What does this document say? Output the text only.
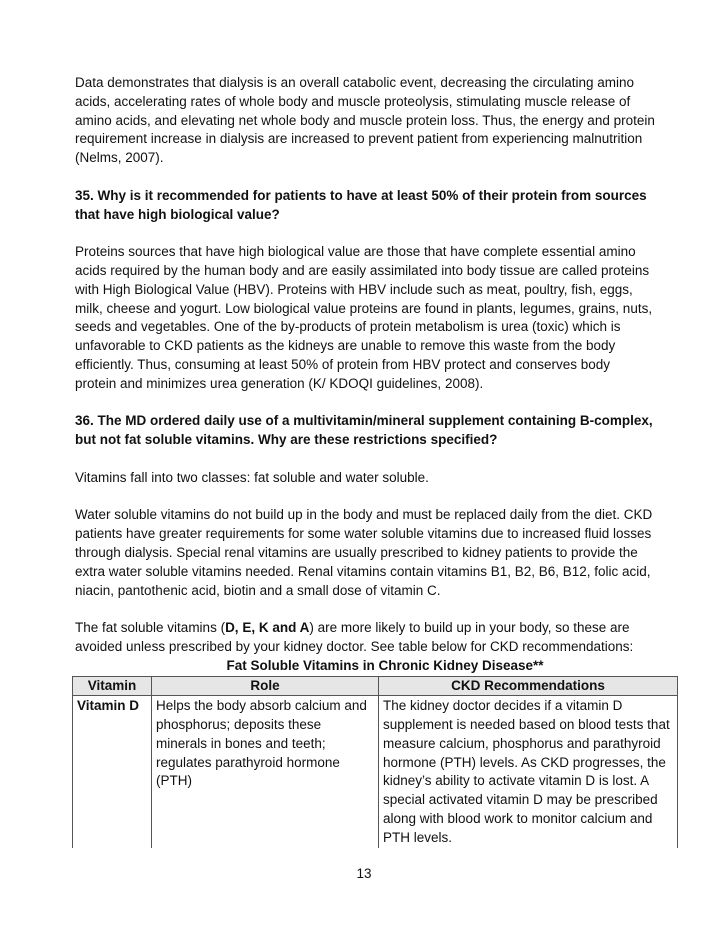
Data demonstrates that dialysis is an overall catabolic event, decreasing the circulating amino acids, accelerating rates of whole body and muscle proteolysis, stimulating muscle release of amino acids, and elevating net whole body and muscle protein loss. Thus, the energy and protein requirement increase in dialysis are increased to prevent patient from experiencing malnutrition (Nelms, 2007).

35. Why is it recommended for patients to have at least 50% of their protein from sources that have high biological value?

Proteins sources that have high biological value are those that have complete essential amino acids required by the human body and are easily assimilated into body tissue are called proteins with High Biological Value (HBV). Proteins with HBV include such as meat, poultry, fish, eggs, milk, cheese and yogurt. Low biological value proteins are found in plants, legumes, grains, nuts, seeds and vegetables. One of the by-products of protein metabolism is urea (toxic) which is unfavorable to CKD patients as the kidneys are unable to remove this waste from the body efficiently. Thus, consuming at least 50% of protein from HBV protect and conserves body protein and minimizes urea generation (K/ KDOQI guidelines, 2008).

36. The MD ordered daily use of a multivitamin/mineral supplement containing B-complex, but not fat soluble vitamins. Why are these restrictions specified?

Vitamins fall into two classes: fat soluble and water soluble.

Water soluble vitamins do not build up in the body and must be replaced daily from the diet. CKD patients have greater requirements for some water soluble vitamins due to increased fluid losses through dialysis. Special renal vitamins are usually prescribed to kidney patients to provide the extra water soluble vitamins needed. Renal vitamins contain vitamins B1, B2, B6, B12, folic acid, niacin, pantothenic acid, biotin and a small dose of vitamin C.

The fat soluble vitamins (D, E, K and A) are more likely to build up in your body, so these are avoided unless prescribed by your kidney doctor. See table below for CKD recommendations:

Fat Soluble Vitamins in Chronic Kidney Disease**
Vitamin	Role	CKD Recommendations
Vitamin D	Helps the body absorb calcium and phosphorus; deposits these minerals in bones and teeth; regulates parathyroid hormone (PTH)	The kidney doctor decides if a vitamin D supplement is needed based on blood tests that measure calcium, phosphorus and parathyroid hormone (PTH) levels. As CKD progresses, the kidney’s ability to activate vitamin D is lost. A special activated vitamin D may be prescribed along with blood work to monitor calcium and PTH levels.
13
